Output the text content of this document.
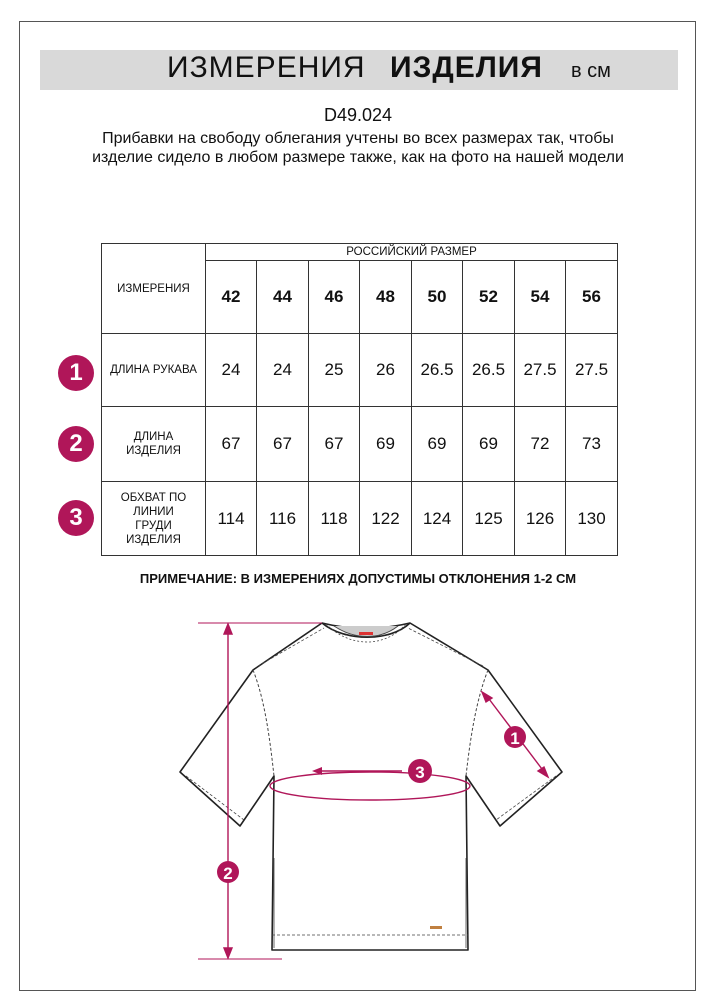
ИЗМЕРЕНИЯ ИЗДЕЛИЯ в см
D49.024
Прибавки на свободу облегания учтены во всех размерах так, чтобы изделие сидело в любом размере также, как на фото на нашей модели
ИЗМЕРЕНИЯ	РОССИЙСКИЙ РАЗМЕР							
	42	44	46	48	50	52	54	56
ДЛИНА РУКАВА	24	24	25	26	26.5	26.5	27.5	27.5

ДЛИНА ИЗДЕЛИЯ	67	67	67	69	69	69	72	73

ОБХВАТ ПО ЛИНИИ ГРУДИ ИЗДЕЛИЯ	114	116	118	122	124	125	126	130
1
2
3
ПРИМЕЧАНИЕ: В ИЗМЕРЕНИЯХ ДОПУСТИМЫ ОТКЛОНЕНИЯ 1-2 СМ
2
3
1
